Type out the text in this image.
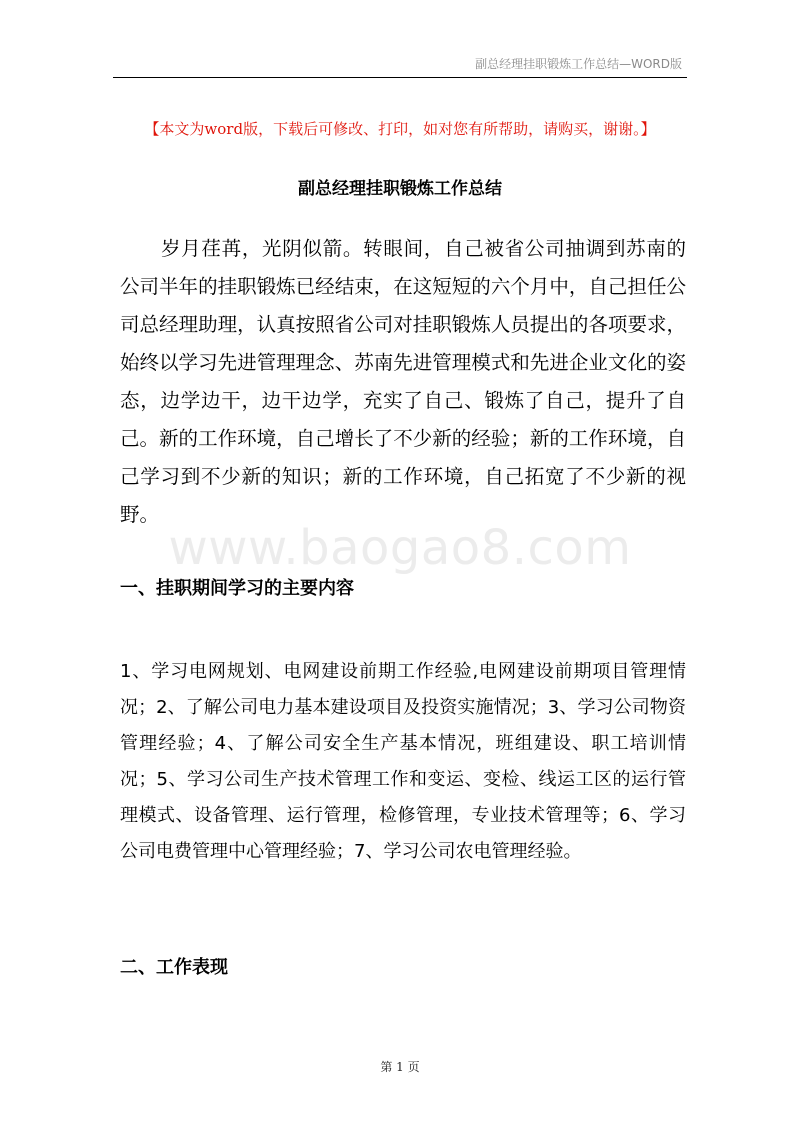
副总经理挂职锻炼工作总结—WORD版
【本文为word版，下载后可修改、打印，如对您有所帮助，请购买，谢谢。】
副总经理挂职锻炼工作总结

岁月荏苒，光阴似箭。转眼间，自己被省公司抽调到苏南的公司半年的挂职锻炼已经结束，在这短短的六个月中，自己担任公司总经理助理，认真按照省公司对挂职锻炼人员提出的各项要求，始终以学习先进管理理念、苏南先进管理模式和先进企业文化的姿态，边学边干，边干边学，充实了自己、锻炼了自己，提升了自己。新的工作环境，自己增长了不少新的经验；新的工作环境，自己学习到不少新的知识；新的工作环境，自己拓宽了不少新的视野。

www.baogao8.com
一、挂职期间学习的主要内容

1、学习电网规划、电网建设前期工作经验,电网建设前期项目管理情况；2、了解公司电力基本建设项目及投资实施情况；3、学习公司物资管理经验；4、了解公司安全生产基本情况，班组建设、职工培训情况；5、学习公司生产技术管理工作和变运、变检、线运工区的运行管理模式、设备管理、运行管理，检修管理，专业技术管理等；6、学习公司电费管理中心管理经验；7、学习公司农电管理经验。

二、工作表现
第 1 页
